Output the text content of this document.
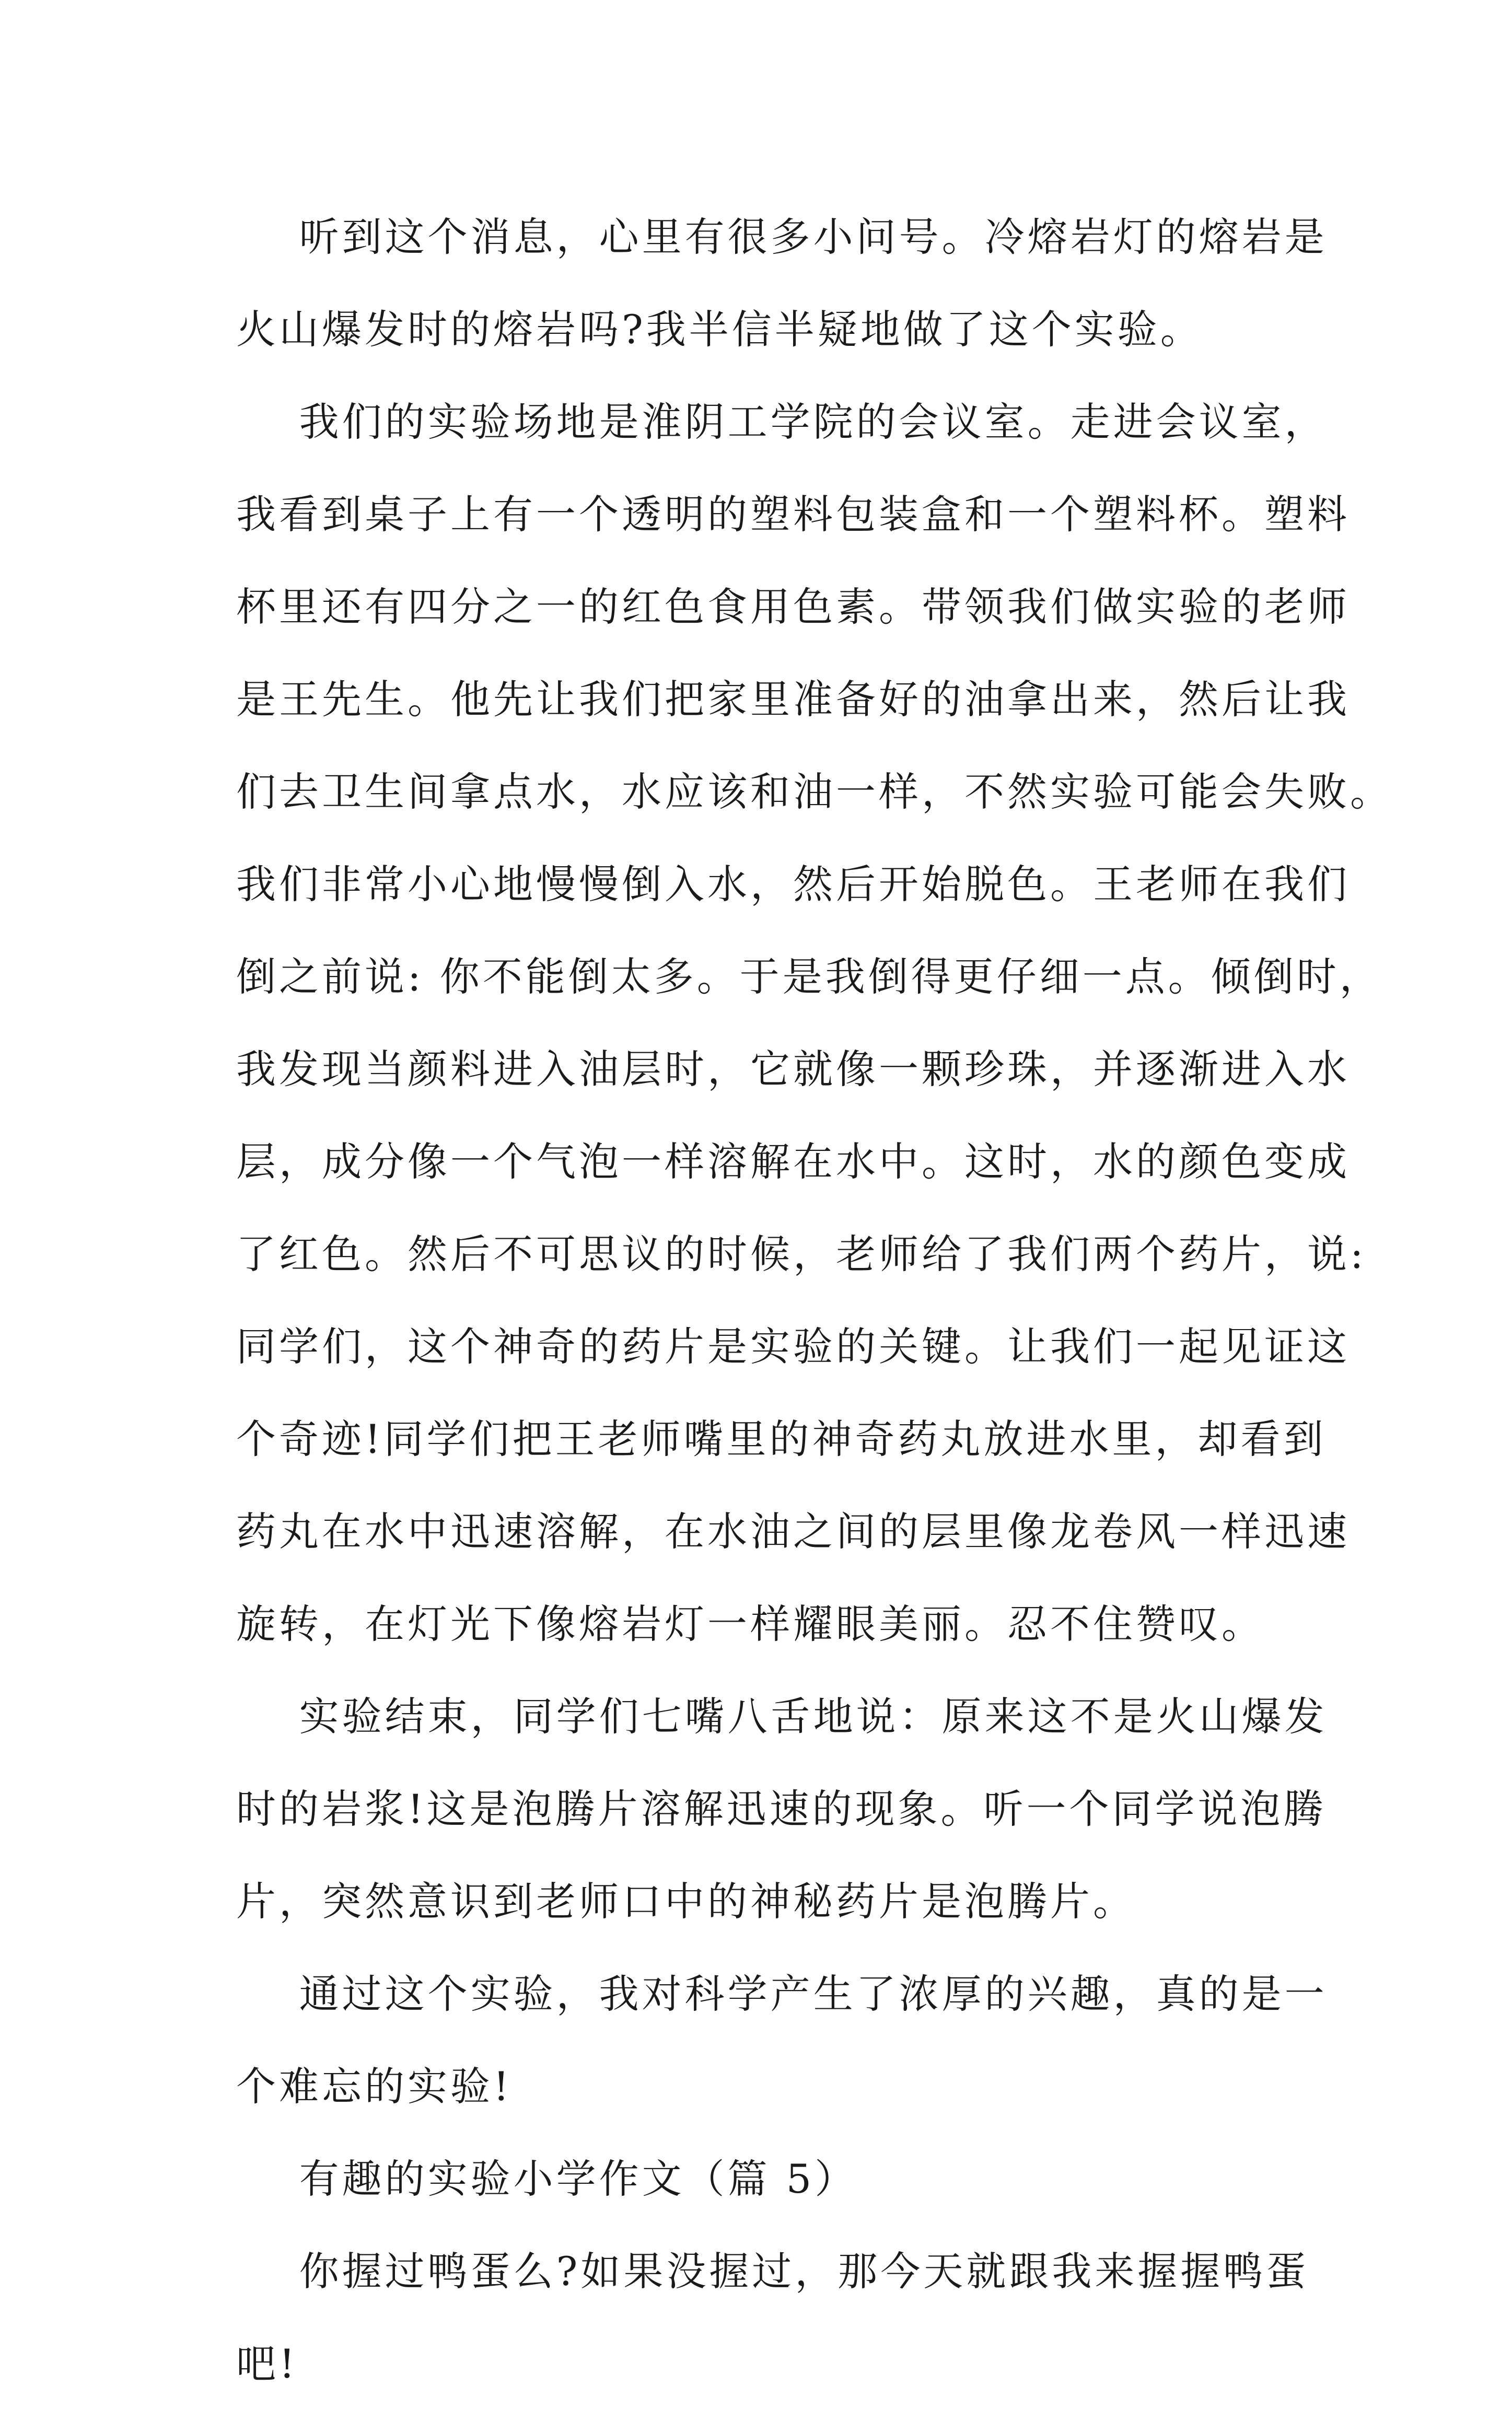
听到这个消息，心里有很多小问号。冷熔岩灯的熔岩是
火山爆发时的熔岩吗?我半信半疑地做了这个实验。
我们的实验场地是淮阴工学院的会议室。走进会议室，
我看到桌子上有一个透明的塑料包装盒和一个塑料杯。塑料
杯里还有四分之一的红色食用色素。带领我们做实验的老师
是王先生。他先让我们把家里准备好的油拿出来，然后让我
们去卫生间拿点水，水应该和油一样，不然实验可能会失败。
我们非常小心地慢慢倒入水，然后开始脱色。王老师在我们
倒之前说: 你不能倒太多。于是我倒得更仔细一点。倾倒时，
我发现当颜料进入油层时，它就像一颗珍珠，并逐渐进入水
层，成分像一个气泡一样溶解在水中。这时，水的颜色变成
了红色。然后不可思议的时候，老师给了我们两个药片，说:
同学们，这个神奇的药片是实验的关键。让我们一起见证这
个奇迹!同学们把王老师嘴里的神奇药丸放进水里，却看到
药丸在水中迅速溶解，在水油之间的层里像龙卷风一样迅速
旋转，在灯光下像熔岩灯一样耀眼美丽。忍不住赞叹。
实验结束，同学们七嘴八舌地说：原来这不是火山爆发
时的岩浆!这是泡腾片溶解迅速的现象。听一个同学说泡腾
片，突然意识到老师口中的神秘药片是泡腾片。
通过这个实验，我对科学产生了浓厚的兴趣，真的是一
个难忘的实验!
有趣的实验小学作文（篇 5）
你握过鸭蛋么?如果没握过，那今天就跟我来握握鸭蛋
吧!
